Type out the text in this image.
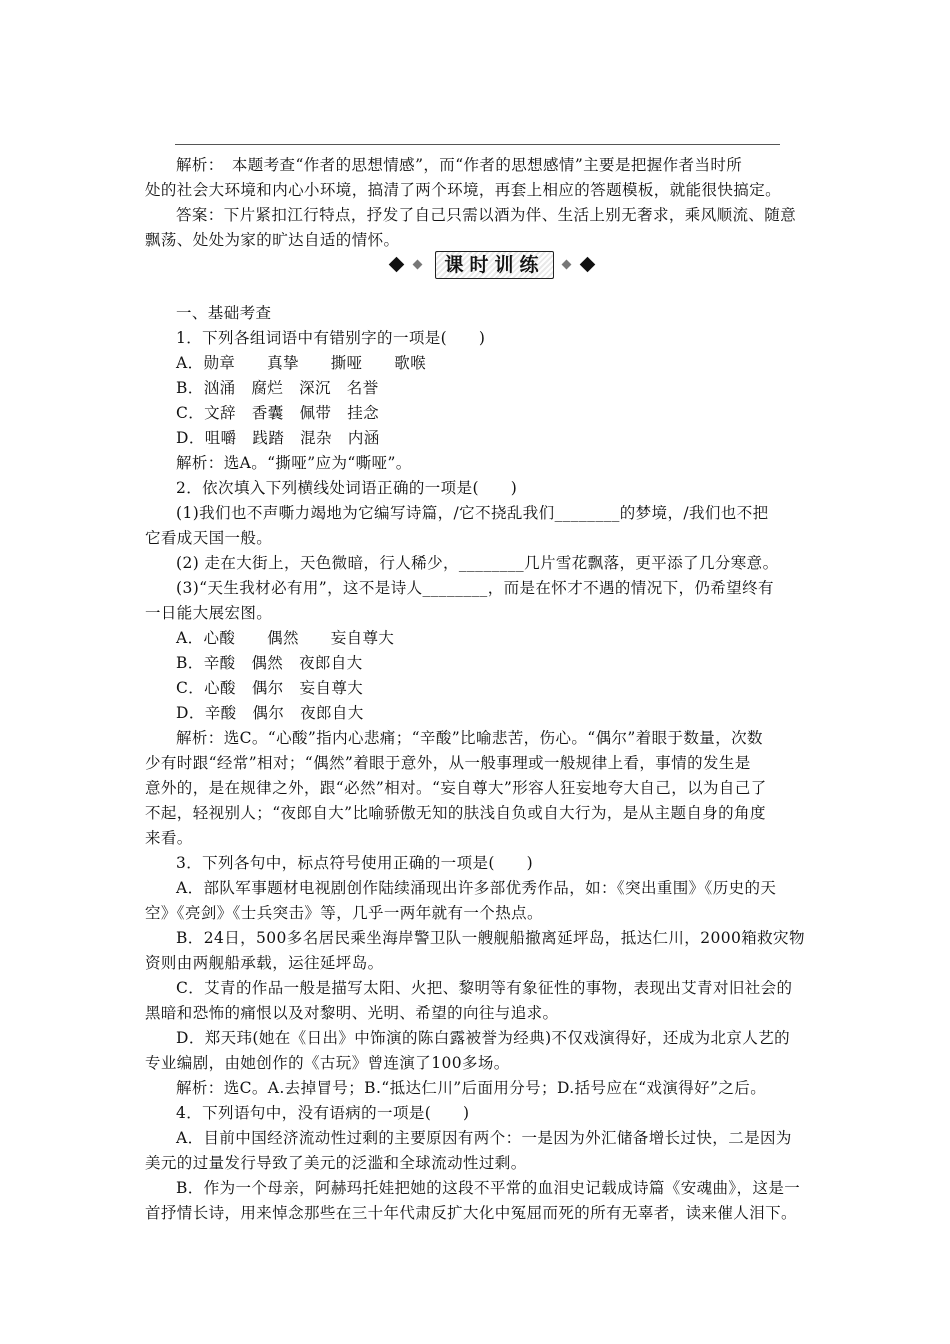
课时训练
解析：　本题考查“作者的思想情感”，而“作者的思想感情”主要是把握作者当时所
处的社会大环境和内心小环境，搞清了两个环境，再套上相应的答题模板，就能很快搞定。
答案：下片紧扣江行特点，抒发了自己只需以酒为伴、生活上别无奢求，乘风顺流、随意
飘荡、处处为家的旷达自适的情怀。
一、基础考查
1．下列各组词语中有错别字的一项是(　　)
A．勋章　　真挚　　撕哑　　歌喉
B．汹涌　腐烂　深沉　名誉
C．文辞　香囊　佩带　挂念
D．咀嚼　践踏　混杂　内涵
解析：选A。“撕哑”应为“嘶哑”。
2．依次填入下列横线处词语正确的一项是(　　)
(1)我们也不声嘶力竭地为它编写诗篇，/它不挠乱我们________的梦境，/我们也不把
它看成天国一般。
(2) 走在大街上，天色微暗，行人稀少，________几片雪花飘落，更平添了几分寒意。
(3)“天生我材必有用”，这不是诗人________，而是在怀才不遇的情况下，仍希望终有
一日能大展宏图。
A．心酸　　偶然　　妄自尊大
B．辛酸　偶然　夜郎自大
C．心酸　偶尔　妄自尊大
D．辛酸　偶尔　夜郎自大
解析：选C。“心酸”指内心悲痛；“辛酸”比喻悲苦，伤心。“偶尔”着眼于数量，次数
少有时跟“经常”相对；“偶然”着眼于意外，从一般事理或一般规律上看，事情的发生是
意外的，是在规律之外，跟“必然”相对。“妄自尊大”形容人狂妄地夸大自己，以为自己了
不起，轻视别人；“夜郎自大”比喻骄傲无知的肤浅自负或自大行为，是从主题自身的角度
来看。
3．下列各句中，标点符号使用正确的一项是(　　)
A．部队军事题材电视剧创作陆续涌现出许多部优秀作品，如：《突出重围》《历史的天
空》《亮剑》《士兵突击》等，几乎一两年就有一个热点。
B．24日，500多名居民乘坐海岸警卫队一艘舰船撤离延坪岛，抵达仁川，2000箱救灾物
资则由两舰船承载，运往延坪岛。
C．艾青的作品一般是描写太阳、火把、黎明等有象征性的事物，表现出艾青对旧社会的
黑暗和恐怖的痛恨以及对黎明、光明、希望的向往与追求。
D．郑天玮(她在《日出》中饰演的陈白露被誉为经典)不仅戏演得好，还成为北京人艺的
专业编剧，由她创作的《古玩》曾连演了100多场。
解析：选C。A.去掉冒号；B.“抵达仁川”后面用分号；D.括号应在“戏演得好”之后。
4．下列语句中，没有语病的一项是(　　)
A．目前中国经济流动性过剩的主要原因有两个：一是因为外汇储备增长过快，二是因为
美元的过量发行导致了美元的泛滥和全球流动性过剩。
B．作为一个母亲，阿赫玛托娃把她的这段不平常的血泪史记载成诗篇《安魂曲》，这是一
首抒情长诗，用来悼念那些在三十年代肃反扩大化中冤屈而死的所有无辜者，读来催人泪下。
